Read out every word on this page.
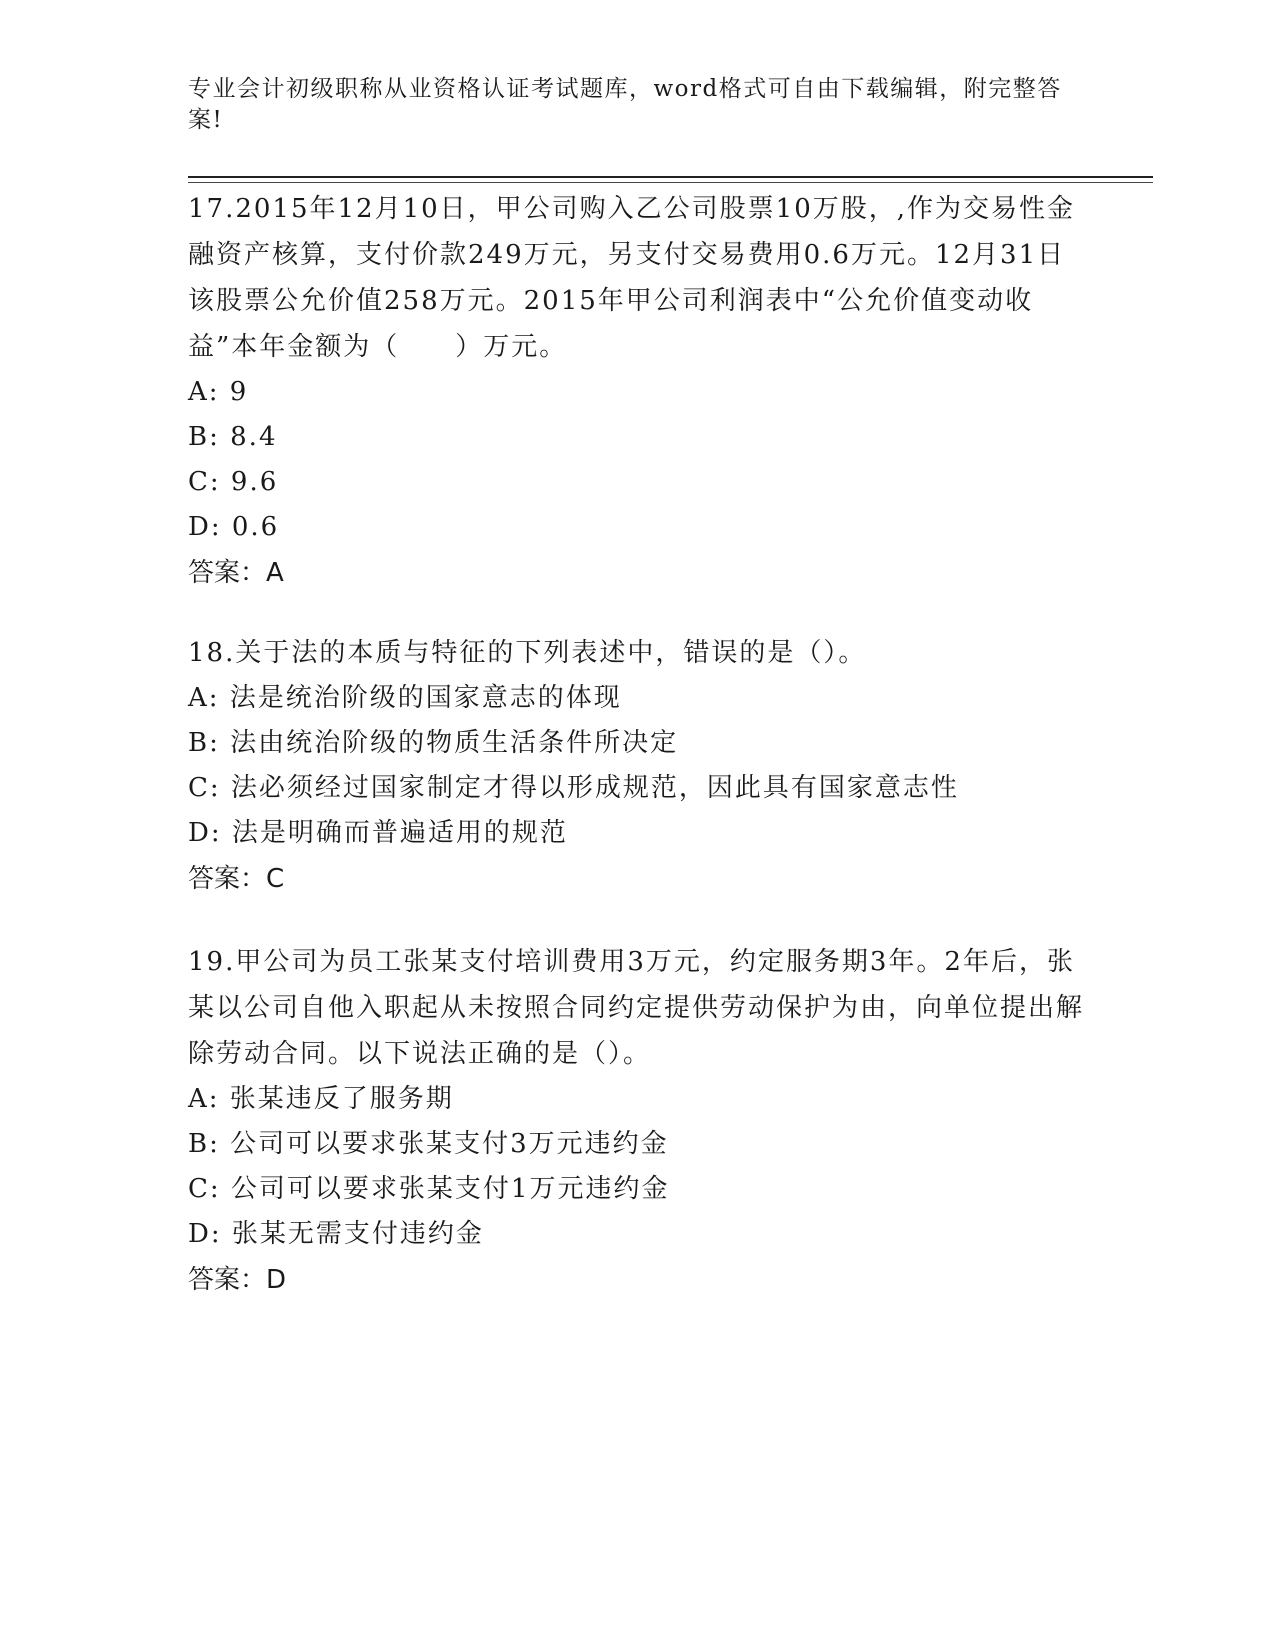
专业会计初级职称从业资格认证考试题库，word格式可自由下载编辑，附完整答案!

17.2015年12月10日，甲公司购入乙公司股票10万股，,作为交易性金融资产核算，支付价款249万元，另支付交易费用0.6万元。12月31日该股票公允价值258万元。2015年甲公司利润表中“公允价值变动收益”本年金额为（　　）万元。

A: 9

B: 8.4

C: 9.6

D: 0.6

答案：A

18.关于法的本质与特征的下列表述中，错误的是（）。

A: 法是统治阶级的国家意志的体现

B: 法由统治阶级的物质生活条件所决定

C: 法必须经过国家制定才得以形成规范，因此具有国家意志性

D: 法是明确而普遍适用的规范

答案：C

19.甲公司为员工张某支付培训费用3万元，约定服务期3年。2年后，张某以公司自他入职起从未按照合同约定提供劳动保护为由，向单位提出解除劳动合同。以下说法正确的是（）。

A: 张某违反了服务期

B: 公司可以要求张某支付3万元违约金

C: 公司可以要求张某支付1万元违约金

D: 张某无需支付违约金

答案：D
